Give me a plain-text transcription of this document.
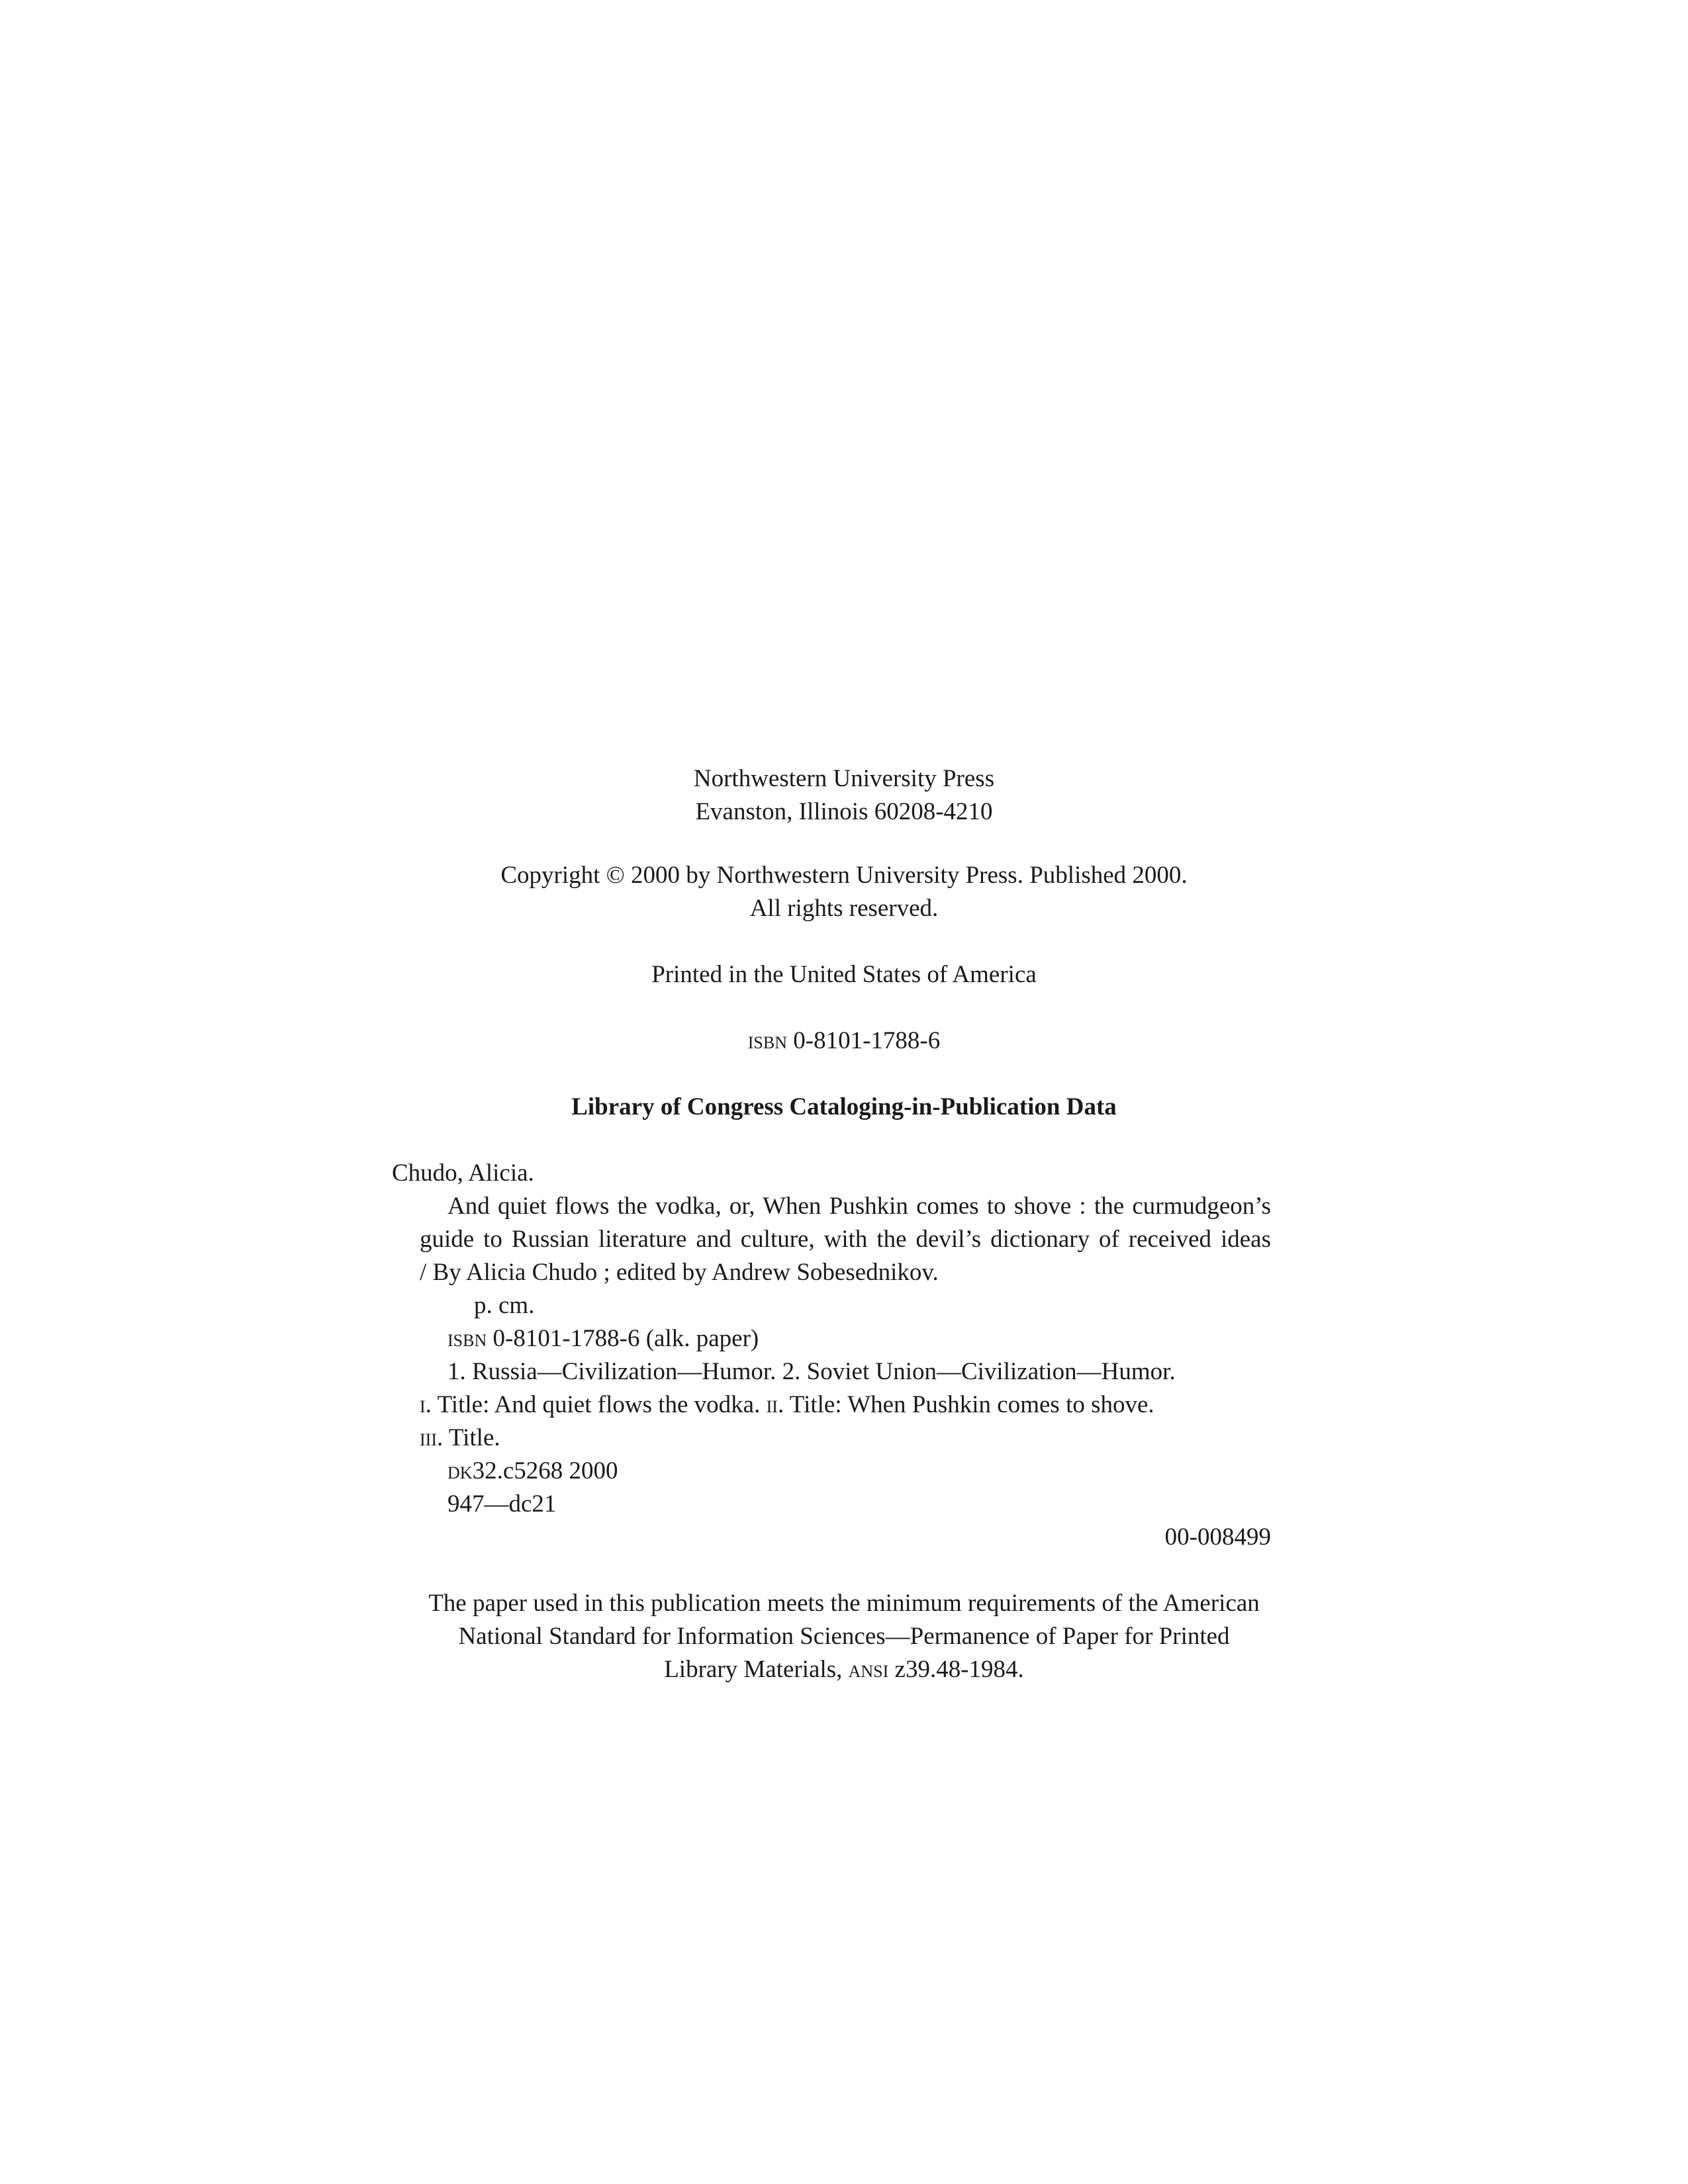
Northwestern University Press
Evanston, Illinois 60208-4210
Copyright © 2000 by Northwestern University Press. Published 2000.
All rights reserved.
Printed in the United States of America
isbn 0-8101-1788-6
Library of Congress Cataloging-in-Publication Data
Chudo, Alicia.
And quiet flows the vodka, or, When Pushkin comes to shove : the curmudgeon’s
guide to Russian literature and culture, with the devil’s dictionary of received ideas
/ By Alicia Chudo ; edited by Andrew Sobesednikov.
p. cm.
isbn 0-8101-1788-6 (alk. paper)
1. Russia—Civilization—Humor. 2. Soviet Union—Civilization—Humor.
i. Title: And quiet flows the vodka. ii. Title: When Pushkin comes to shove.
iii. Title.
dk32.c5268 2000
947—dc21
00-008499
The paper used in this publication meets the minimum requirements of the American
National Standard for Information Sciences—Permanence of Paper for Printed
Library Materials, ansi z39.48-1984.
